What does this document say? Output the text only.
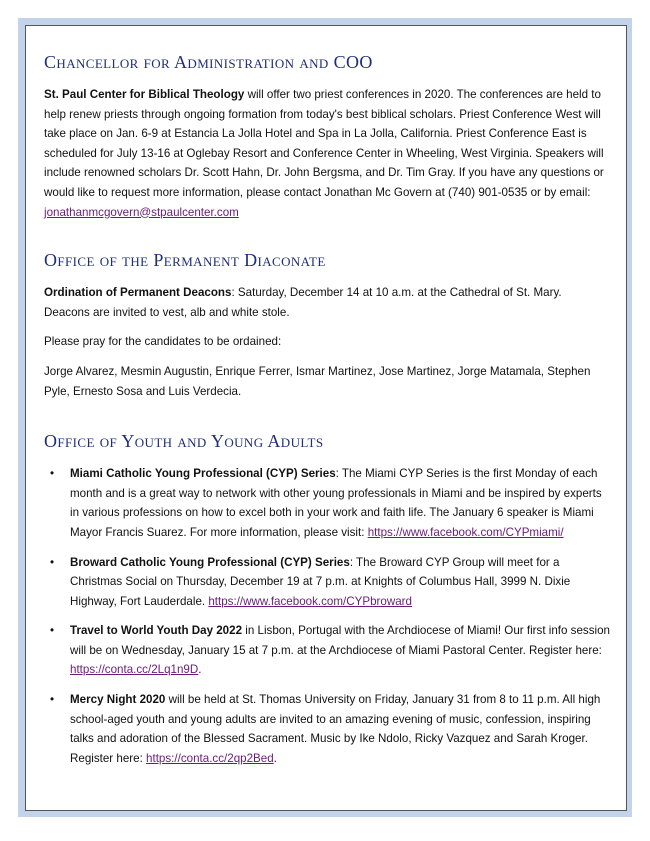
Chancellor for Administration and COO

St. Paul Center for Biblical Theology will offer two priest conferences in 2020. The conferences are held to help renew priests through ongoing formation from today's best biblical scholars. Priest Conference West will take place on Jan. 6-9 at Estancia La Jolla Hotel and Spa in La Jolla, California. Priest Conference East is scheduled for July 13-16 at Oglebay Resort and Conference Center in Wheeling, West Virginia. Speakers will include renowned scholars Dr. Scott Hahn, Dr. John Bergsma, and Dr. Tim Gray. If you have any questions or would like to request more information, please contact Jonathan Mc Govern at (740) 901-0535 or by email: jonathanmcgovern@stpaulcenter.com

Office of the Permanent Diaconate

Ordination of Permanent Deacons: Saturday, December 14 at 10 a.m. at the Cathedral of St. Mary. Deacons are invited to vest, alb and white stole.

Please pray for the candidates to be ordained:

Jorge Alvarez, Mesmin Augustin, Enrique Ferrer, Ismar Martinez, Jose Martinez, Jorge Matamala, Stephen Pyle, Ernesto Sosa and Luis Verdecia.

Office of Youth and Young Adults
• Miami Catholic Young Professional (CYP) Series: The Miami CYP Series is the first Monday of each month and is a great way to network with other young professionals in Miami and be inspired by experts in various professions on how to excel both in your work and faith life. The January 6 speaker is Miami Mayor Francis Suarez. For more information, please visit: https://www.facebook.com/CYPmiami/
• Broward Catholic Young Professional (CYP) Series: The Broward CYP Group will meet for a Christmas Social on Thursday, December 19 at 7 p.m. at Knights of Columbus Hall, 3999 N. Dixie Highway, Fort Lauderdale. https://www.facebook.com/CYPbroward
• Travel to World Youth Day 2022 in Lisbon, Portugal with the Archdiocese of Miami! Our first info session will be on Wednesday, January 15 at 7 p.m. at the Archdiocese of Miami Pastoral Center. Register here: https://conta.cc/2Lq1n9D.
• Mercy Night 2020 will be held at St. Thomas University on Friday, January 31 from 8 to 11 p.m. All high school-aged youth and young adults are invited to an amazing evening of music, confession, inspiring talks and adoration of the Blessed Sacrament. Music by Ike Ndolo, Ricky Vazquez and Sarah Kroger. Register here: https://conta.cc/2qp2Bed.
